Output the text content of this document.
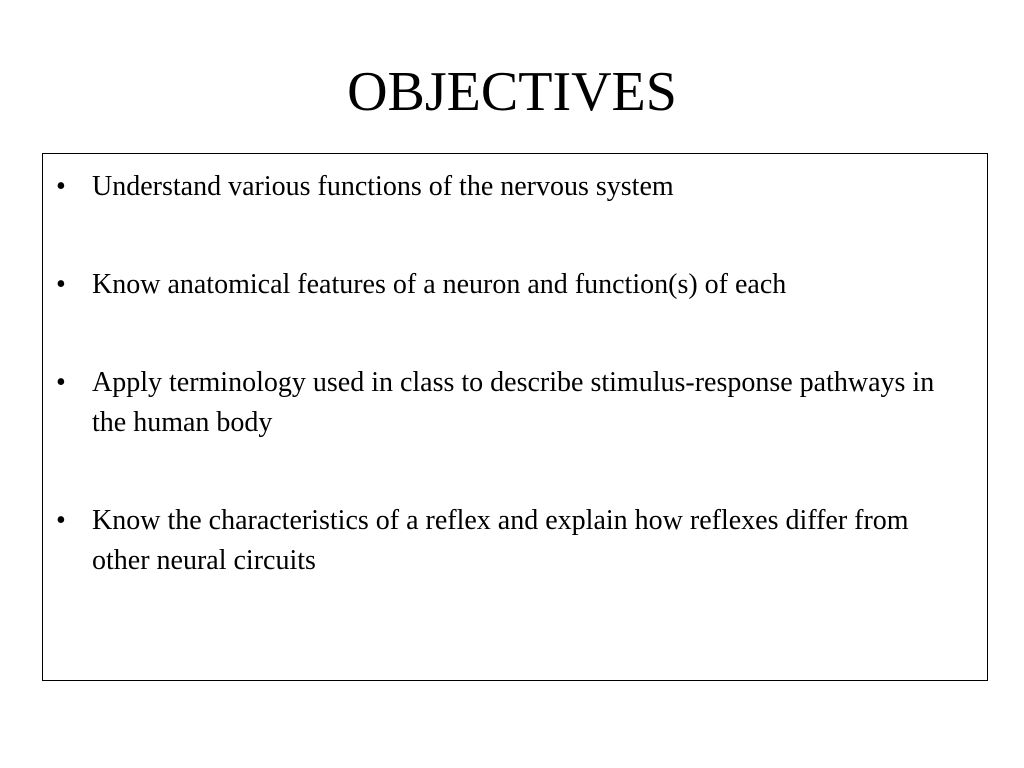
OBJECTIVES
• Understand various functions of the nervous system
• Know anatomical features of a neuron and function(s) of each
• Apply terminology used in class to describe stimulus-response pathways in the human body
• Know the characteristics of a reflex and explain how reflexes differ from other neural circuits
